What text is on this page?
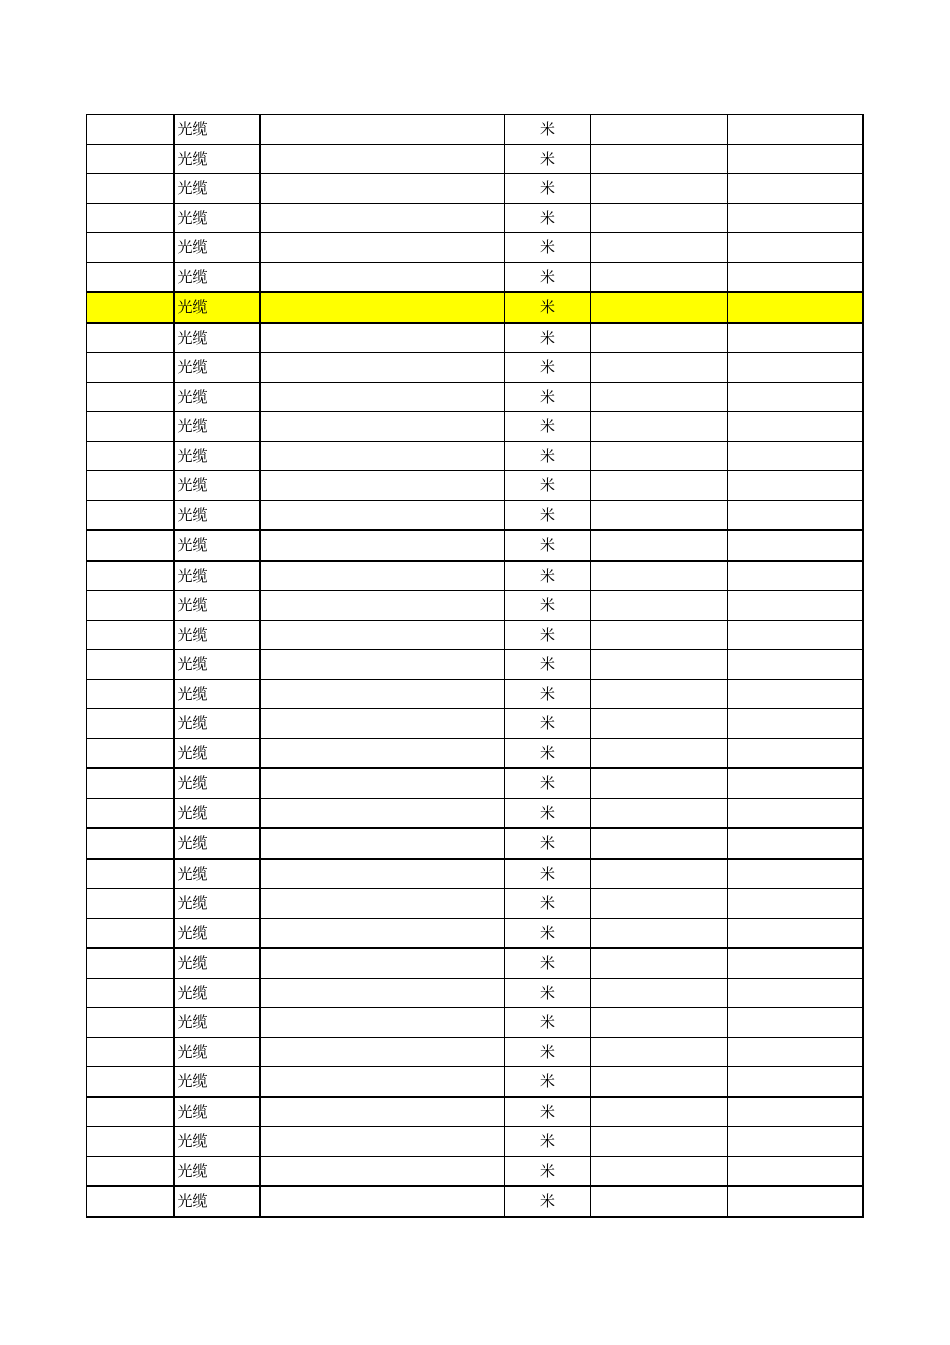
	光缆		米		
	光缆		米		
	光缆		米		
	光缆		米		
	光缆		米		
	光缆		米		
	光缆		米		
	光缆		米		
	光缆		米		
	光缆		米		
	光缆		米		
	光缆		米		
	光缆		米		
	光缆		米		
	光缆		米		
	光缆		米		
	光缆		米		
	光缆		米		
	光缆		米		
	光缆		米		
	光缆		米		
	光缆		米		
	光缆		米		
	光缆		米		
	光缆		米		
	光缆		米		
	光缆		米		
	光缆		米		
	光缆		米		
	光缆		米		
	光缆		米		
	光缆		米		
	光缆		米		
	光缆		米		
	光缆		米		
	光缆		米		
	光缆		米		
